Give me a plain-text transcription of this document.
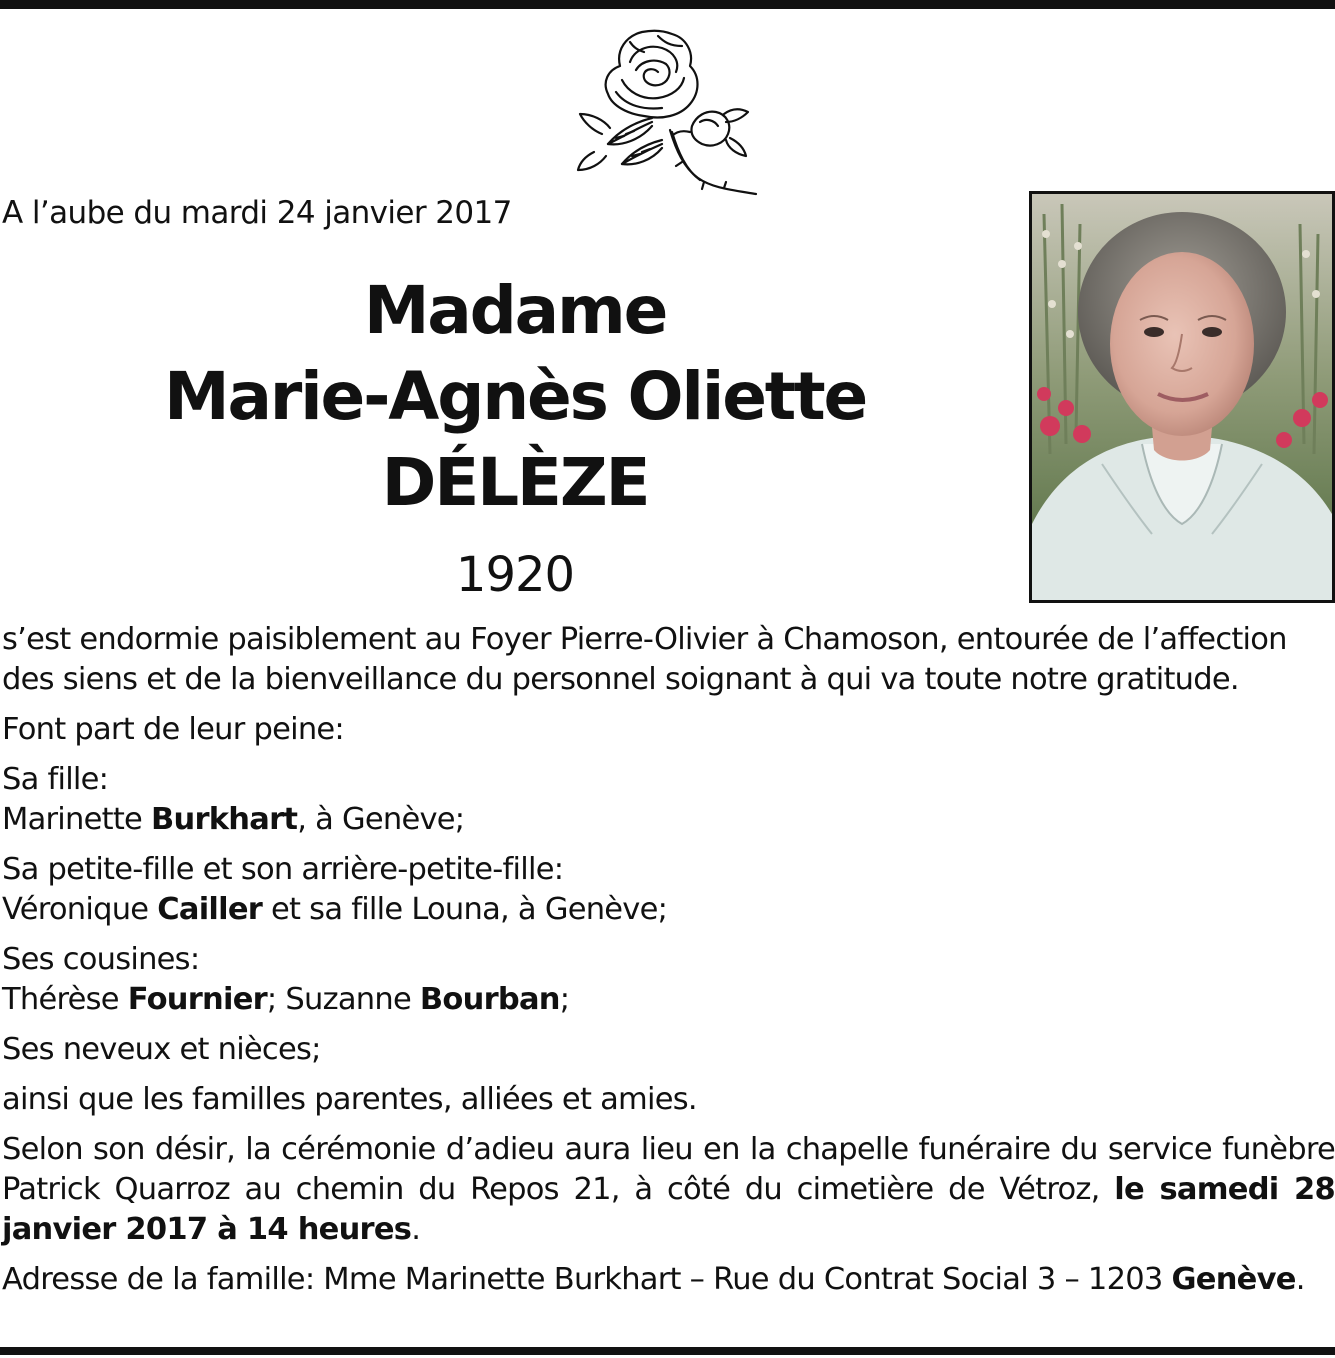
A l’aube du mardi 24 janvier 2017
Madame
Marie-Agnès Oliette
DÉLÈZE
1920

s’est endormie paisiblement au Foyer Pierre-Olivier à Chamoson, entourée de l’affection
des siens et de la bienveillance du personnel soignant à qui va toute notre gratitude.

Font part de leur peine:

Sa fille:
Marinette Burkhart, à Genève;

Sa petite-fille et son arrière-petite-fille:
Véronique Cailler et sa fille Louna, à Genève;

Ses cousines:
Thérèse Fournier; Suzanne Bourban;

Ses neveux et nièces;

ainsi que les familles parentes, alliées et amies.

Selon son désir, la cérémonie d’adieu aura lieu en la chapelle funéraire du service funèbre Patrick Quarroz au chemin du Repos 21, à côté du cimetière de Vétroz, le samedi 28 janvier 2017 à 14 heures.

Adresse de la famille: Mme Marinette Burkhart – Rue du Contrat Social 3 – 1203 Genève.
